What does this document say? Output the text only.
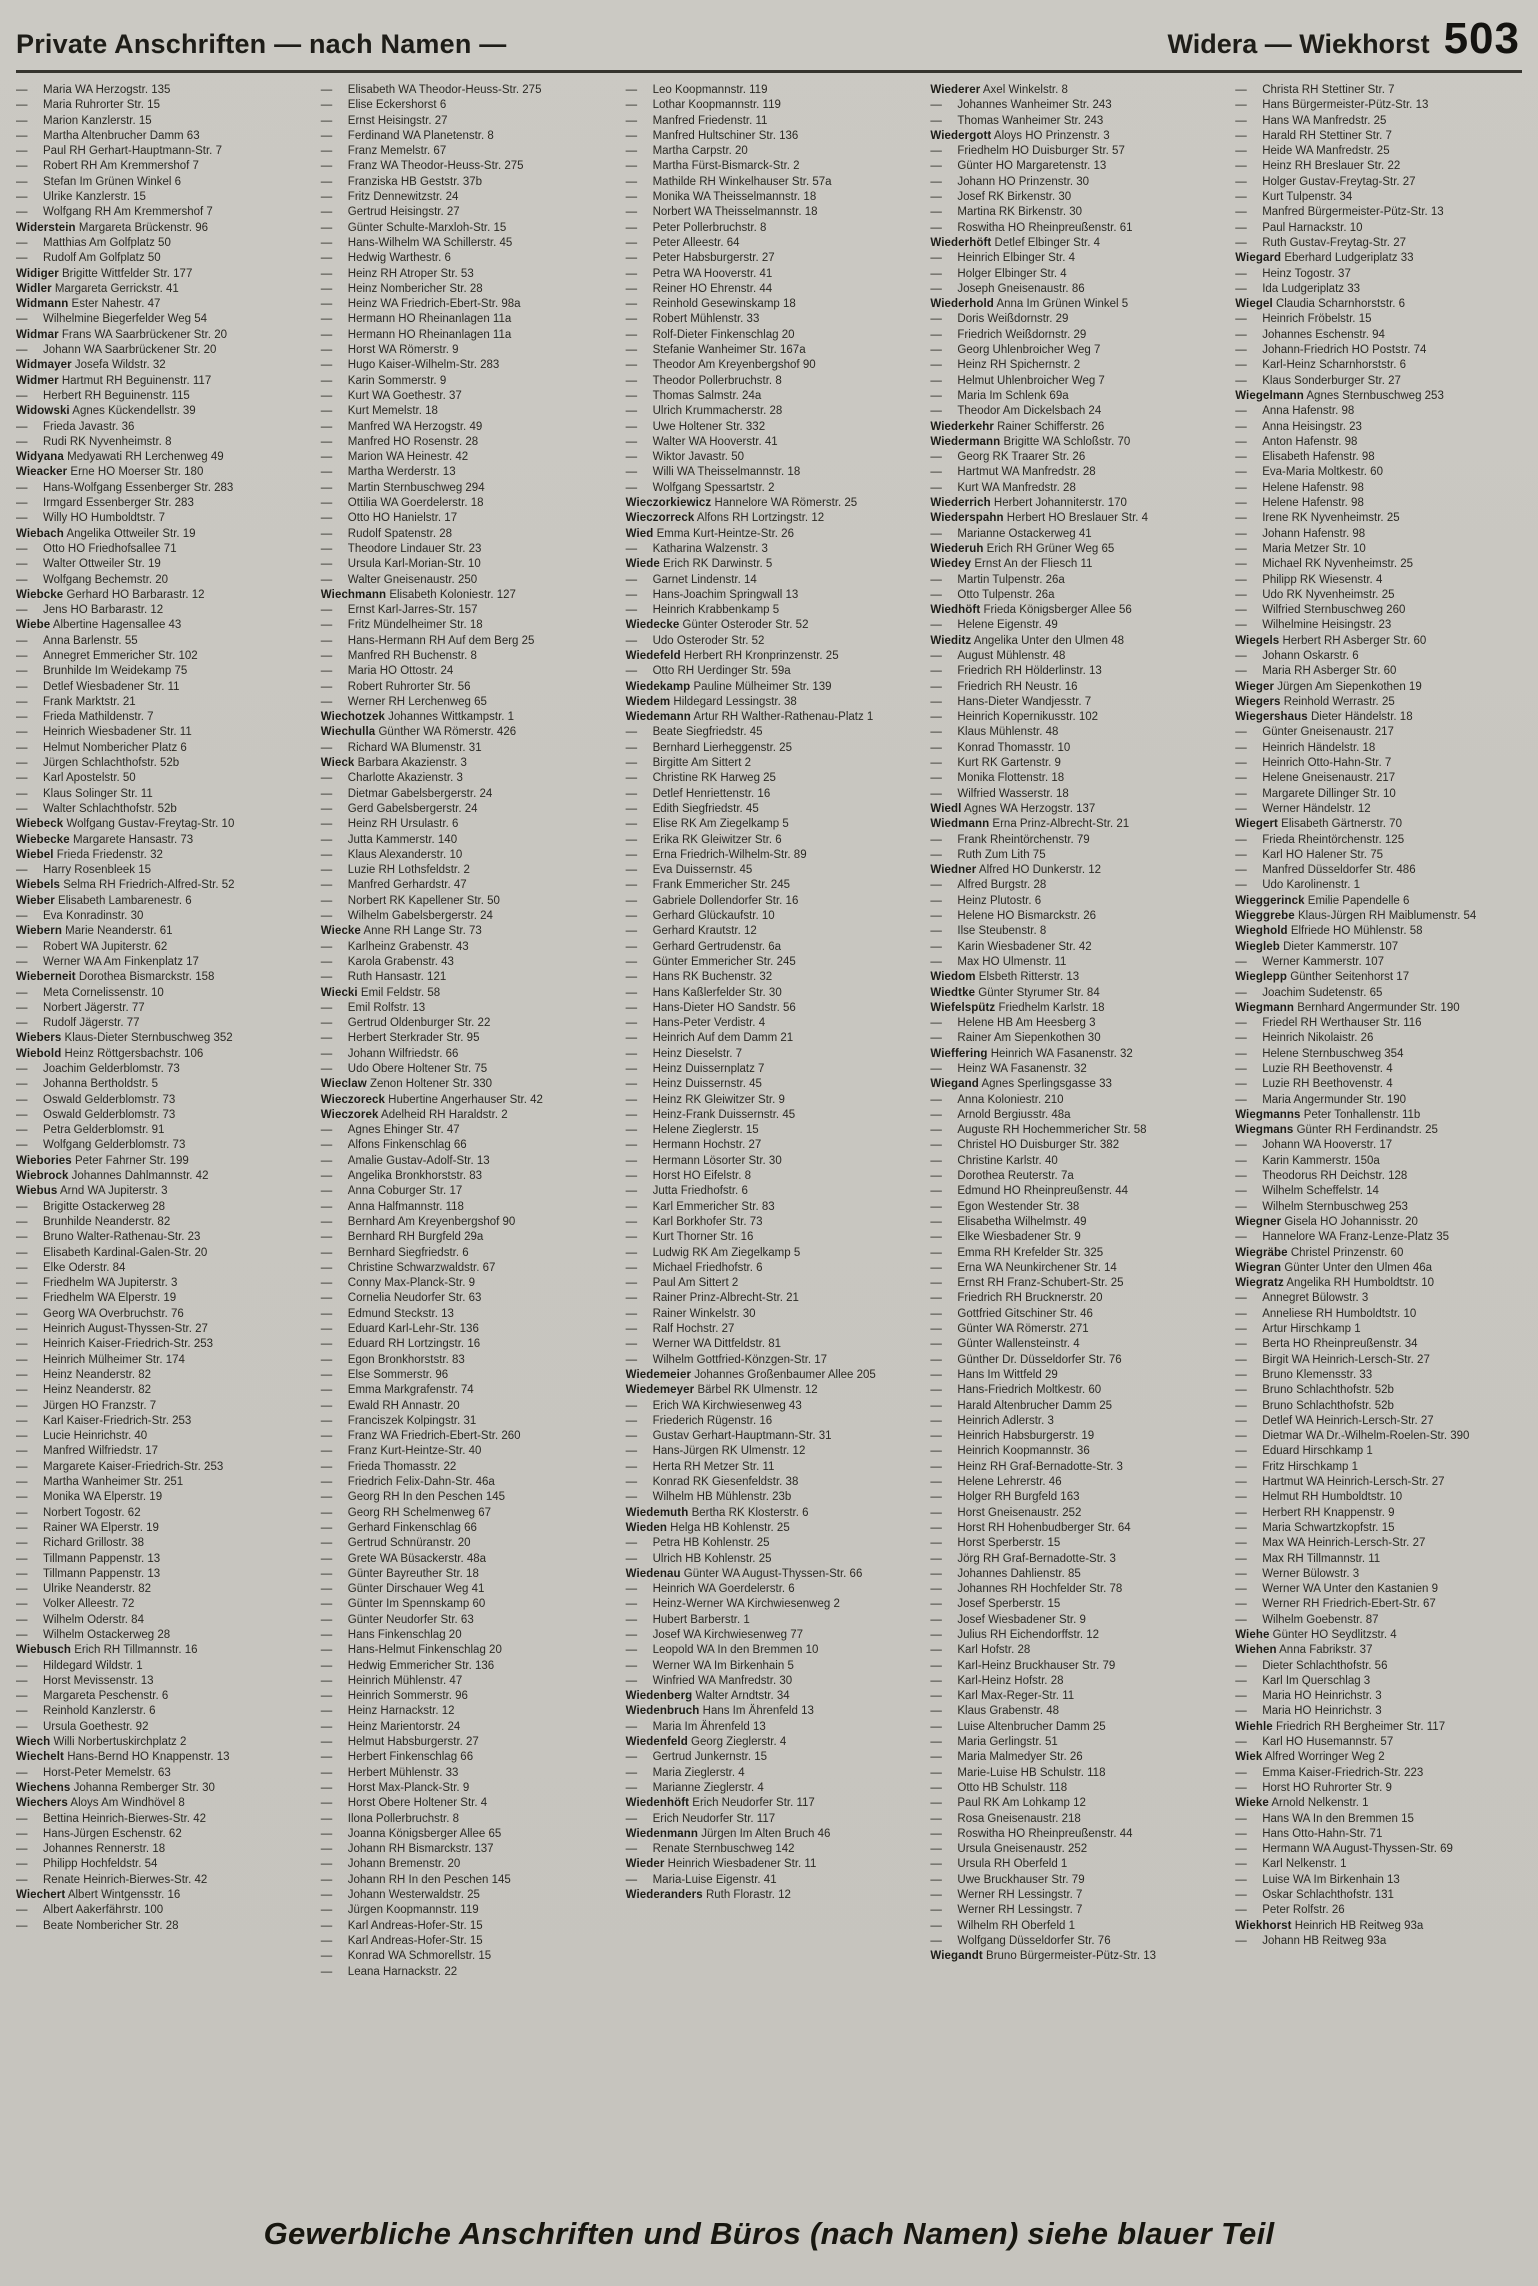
Private Anschriften — nach Namen —	Widera — Wiekhorst 503
— Maria WA Herzogstr. 135
— Maria Ruhrorter Str. 15
— Marion Kanzlerstr. 15
— Martha Altenbrucher Damm 63
— Paul RH Gerhart-Hauptmann-Str. 7
— Robert RH Am Kremmershof 7
— Stefan Im Grünen Winkel 6
— Ulrike Kanzlerstr. 15
— Wolfgang RH Am Kremmershof 7
Widerstein Margareta Brückenstr. 96
— Matthias Am Golfplatz 50
— Rudolf Am Golfplatz 50
Widiger Brigitte Wittfelder Str. 177
Widler Margareta Gerrickstr. 41
Widmann Ester Nahestr. 47
— Wilhelmine Biegerfelder Weg 54
Widmar Frans WA Saarbrückener Str. 20
— Johann WA Saarbrückener Str. 20
Widmayer Josefa Wildstr. 32
Widmer Hartmut RH Beguinenstr. 117
— Herbert RH Beguinenstr. 115
Widowski Agnes Kückendellstr. 39
— Frieda Javastr. 36
— Rudi RK Nyvenheimstr. 8
Widyana Medyawati RH Lerchenweg 49
Wieacker Erne HO Moerser Str. 180
— Hans-Wolfgang Essenberger Str. 283
— Irmgard Essenberger Str. 283
— Willy HO Humboldtstr. 7
Wiebach Angelika Ottweiler Str. 19
— Otto HO Friedhofsallee 71
— Walter Ottweiler Str. 19
— Wolfgang Bechemstr. 20
Wiebcke Gerhard HO Barbarastr. 12
— Jens HO Barbarastr. 12
Wiebe Albertine Hagensallee 43
— Anna Barlenstr. 55
— Annegret Emmericher Str. 102
— Brunhilde Im Weidekamp 75
— Detlef Wiesbadener Str. 11
— Frank Marktstr. 21
— Frieda Mathildenstr. 7
— Heinrich Wiesbadener Str. 11
— Helmut Nombericher Platz 6
— Jürgen Schlachthofstr. 52b
— Karl Apostelstr. 50
— Klaus Solinger Str. 11
— Walter Schlachthofstr. 52b
Wiebeck Wolfgang Gustav-Freytag-Str. 10
Wiebecke Margarete Hansastr. 73
Wiebel Frieda Friedenstr. 32
— Harry Rosenbleek 15
Wiebels Selma RH Friedrich-Alfred-Str. 52
Wieber Elisabeth Lambarenestr. 6
— Eva Konradinstr. 30
Wiebern Marie Neanderstr. 61
— Robert WA Jupiterstr. 62
— Werner WA Am Finkenplatz 17
Wieberneit Dorothea Bismarckstr. 158
— Meta Cornelissenstr. 10
— Norbert Jägerstr. 77
— Rudolf Jägerstr. 77
Wiebers Klaus-Dieter Sternbuschweg 352
Wiebold Heinz Röttgersbachstr. 106
— Joachim Gelderblomstr. 73
— Johanna Bertholdstr. 5
— Oswald Gelderblomstr. 73
— Oswald Gelderblomstr. 73
— Petra Gelderblomstr. 91
— Wolfgang Gelderblomstr. 73
Wiebories Peter Fahrner Str. 199
Wiebrock Johannes Dahlmannstr. 42
Wiebus Arnd WA Jupiterstr. 3
— Brigitte Ostackerweg 28
— Brunhilde Neanderstr. 82
— Bruno Walter-Rathenau-Str. 23
— Elisabeth Kardinal-Galen-Str. 20
— Elke Oderstr. 84
— Friedhelm WA Jupiterstr. 3
— Friedhelm WA Elperstr. 19
— Georg WA Overbruchstr. 76
— Heinrich August-Thyssen-Str. 27
— Heinrich Kaiser-Friedrich-Str. 253
— Heinrich Mülheimer Str. 174
— Heinz Neanderstr. 82
— Heinz Neanderstr. 82
— Jürgen HO Franzstr. 7
— Karl Kaiser-Friedrich-Str. 253
— Lucie Heinrichstr. 40
— Manfred Wilfriedstr. 17
— Margarete Kaiser-Friedrich-Str. 253
— Martha Wanheimer Str. 251
— Monika WA Elperstr. 19
— Norbert Togostr. 62
— Rainer WA Elperstr. 19
— Richard Grillostr. 38
— Tillmann Pappenstr. 13
— Tillmann Pappenstr. 13
— Ulrike Neanderstr. 82
— Volker Alleestr. 72
— Wilhelm Oderstr. 84
— Wilhelm Ostackerweg 28
Wiebusch Erich RH Tillmannstr. 16
— Hildegard Wildstr. 1
— Horst Mevissenstr. 13
— Margareta Peschenstr. 6
— Reinhold Kanzlerstr. 6
— Ursula Goethestr. 92
Wiech Willi Norbertuskirchplatz 2
Wiechelt Hans-Bernd HO Knappenstr. 13
— Horst-Peter Memelstr. 63
Wiechens Johanna Remberger Str. 30
Wiechers Aloys Am Windhövel 8
— Bettina Heinrich-Bierwes-Str. 42
— Hans-Jürgen Eschenstr. 62
— Johannes Rennerstr. 18
— Philipp Hochfeldstr. 54
— Renate Heinrich-Bierwes-Str. 42
Wiechert Albert Wintgensstr. 16
— Albert Aakerfährstr. 100
— Beate Nombericher Str. 28
— Elisabeth WA Theodor-Heuss-Str. 275
— Elise Eckershorst 6
— Ernst Heisingstr. 27
— Ferdinand WA Planetenstr. 8
— Franz Memelstr. 67
— Franz WA Theodor-Heuss-Str. 275
— Franziska HB Geststr. 37b
— Fritz Dennewitzstr. 24
— Gertrud Heisingstr. 27
— Günter Schulte-Marxloh-Str. 15
— Hans-Wilhelm WA Schillerstr. 45
— Hedwig Warthestr. 6
— Heinz RH Atroper Str. 53
— Heinz Nombericher Str. 28
— Heinz WA Friedrich-Ebert-Str. 98a
— Hermann HO Rheinanlagen 11a
— Hermann HO Rheinanlagen 11a
— Horst WA Römerstr. 9
— Hugo Kaiser-Wilhelm-Str. 283
— Karin Sommerstr. 9
— Kurt WA Goethestr. 37
— Kurt Memelstr. 18
— Manfred WA Herzogstr. 49
— Manfred HO Rosenstr. 28
— Marion WA Heinestr. 42
— Martha Werderstr. 13
— Martin Sternbuschweg 294
— Ottilia WA Goerdelerstr. 18
— Otto HO Hanielstr. 17
— Rudolf Spatenstr. 28
— Theodore Lindauer Str. 23
— Ursula Karl-Morian-Str. 10
— Walter Gneisenaustr. 250
Wiechmann Elisabeth Koloniestr. 127
— Ernst Karl-Jarres-Str. 157
— Fritz Mündelheimer Str. 18
— Hans-Hermann RH Auf dem Berg 25
— Manfred RH Buchenstr. 8
— Maria HO Ottostr. 24
— Robert Ruhrorter Str. 56
— Werner RH Lerchenweg 65
Wiechotzek Johannes Wittkampstr. 1
Wiechulla Günther WA Römerstr. 426
— Richard WA Blumenstr. 31
Wieck Barbara Akazienstr. 3
— Charlotte Akazienstr. 3
— Dietmar Gabelsbergerstr. 24
— Gerd Gabelsbergerstr. 24
— Heinz RH Ursulastr. 6
— Jutta Kammerstr. 140
— Klaus Alexanderstr. 10
— Luzie RH Lothsfeldstr. 2
— Manfred Gerhardstr. 47
— Norbert RK Kapellener Str. 50
— Wilhelm Gabelsbergerstr. 24
Wiecke Anne RH Lange Str. 73
— Karlheinz Grabenstr. 43
— Karola Grabenstr. 43
— Ruth Hansastr. 121
Wiecki Emil Feldstr. 58
— Emil Rolfstr. 13
— Gertrud Oldenburger Str. 22
— Herbert Sterkrader Str. 95
— Johann Wilfriedstr. 66
— Udo Obere Holtener Str. 75
Wieclaw Zenon Holtener Str. 330
Wieczoreck Hubertine Angerhauser Str. 42
Wieczorek Adelheid RH Haraldstr. 2
— Agnes Ehinger Str. 47
— Alfons Finkenschlag 66
— Amalie Gustav-Adolf-Str. 13
— Angelika Bronkhorststr. 83
— Anna Coburger Str. 17
— Anna Halfmannstr. 118
— Bernhard Am Kreyenbergshof 90
— Bernhard RH Burgfeld 29a
— Bernhard Siegfriedstr. 6
— Christine Schwarzwaldstr. 67
— Conny Max-Planck-Str. 9
— Cornelia Neudorfer Str. 63
— Edmund Steckstr. 13
— Eduard Karl-Lehr-Str. 136
— Eduard RH Lortzingstr. 16
— Egon Bronkhorststr. 83
— Else Sommerstr. 96
— Emma Markgrafenstr. 74
— Ewald RH Annastr. 20
— Franciszek Kolpingstr. 31
— Franz WA Friedrich-Ebert-Str. 260
— Franz Kurt-Heintze-Str. 40
— Frieda Thomasstr. 22
— Friedrich Felix-Dahn-Str. 46a
— Georg RH In den Peschen 145
— Georg RH Schelmenweg 67
— Gerhard Finkenschlag 66
— Gertrud Schnüranstr. 20
— Grete WA Büsackerstr. 48a
— Günter Bayreuther Str. 18
— Günter Dirschauer Weg 41
— Günter Im Spennskamp 60
— Günter Neudorfer Str. 63
— Hans Finkenschlag 20
— Hans-Helmut Finkenschlag 20
— Hedwig Emmericher Str. 136
— Heinrich Mühlenstr. 47
— Heinrich Sommerstr. 96
— Heinz Harnackstr. 12
— Heinz Marientorstr. 24
— Helmut Habsburgerstr. 27
— Herbert Finkenschlag 66
— Herbert Mühlenstr. 33
— Horst Max-Planck-Str. 9
— Horst Obere Holtener Str. 4
— Ilona Pollerbruchstr. 8
— Joanna Königsberger Allee 65
— Johann RH Bismarckstr. 137
— Johann Bremenstr. 20
— Johann RH In den Peschen 145
— Johann Westerwaldstr. 25
— Jürgen Koopmannstr. 119
— Karl Andreas-Hofer-Str. 15
— Karl Andreas-Hofer-Str. 15
— Konrad WA Schmorellstr. 15
— Leana Harnackstr. 22
— Leo Koopmannstr. 119
— Lothar Koopmannstr. 119
— Manfred Friedenstr. 11
— Manfred Hultschiner Str. 136
— Martha Carpstr. 20
— Martha Fürst-Bismarck-Str. 2
— Mathilde RH Winkelhauser Str. 57a
— Monika WA Theisselmannstr. 18
— Norbert WA Theisselmannstr. 18
— Peter Pollerbruchstr. 8
— Peter Alleestr. 64
— Peter Habsburgerstr. 27
— Petra WA Hooverstr. 41
— Reiner HO Ehrenstr. 44
— Reinhold Gesewinskamp 18
— Robert Mühlenstr. 33
— Rolf-Dieter Finkenschlag 20
— Stefanie Wanheimer Str. 167a
— Theodor Am Kreyenbergshof 90
— Theodor Pollerbruchstr. 8
— Thomas Salmstr. 24a
— Ulrich Krummacherstr. 28
— Uwe Holtener Str. 332
— Walter WA Hooverstr. 41
— Wiktor Javastr. 50
— Willi WA Theisselmannstr. 18
— Wolfgang Spessartstr. 2
Wieczorkiewicz Hannelore WA Römerstr. 25
Wieczorreck Alfons RH Lortzingstr. 12
Wied Emma Kurt-Heintze-Str. 26
— Katharina Walzenstr. 3
Wiede Erich RK Darwinstr. 5
— Garnet Lindenstr. 14
— Hans-Joachim Springwall 13
— Heinrich Krabbenkamp 5
Wiedecke Günter Osteroder Str. 52
— Udo Osteroder Str. 52
Wiedefeld Herbert RH Kronprinzenstr. 25
— Otto RH Uerdinger Str. 59a
Wiedekamp Pauline Mülheimer Str. 139
Wiedem Hildegard Lessingstr. 38
Wiedemann Artur RH Walther-Rathenau-Platz 1
— Beate Siegfriedstr. 45
— Bernhard Lierheggenstr. 25
— Birgitte Am Sittert 2
— Christine RK Harweg 25
— Detlef Henriettenstr. 16
— Edith Siegfriedstr. 45
— Elise RK Am Ziegelkamp 5
— Erika RK Gleiwitzer Str. 6
— Erna Friedrich-Wilhelm-Str. 89
— Eva Duissernstr. 45
— Frank Emmericher Str. 245
— Gabriele Dollendorfer Str. 16
— Gerhard Glückaufstr. 10
— Gerhard Krautstr. 12
— Gerhard Gertrudenstr. 6a
— Günter Emmericher Str. 245
— Hans RK Buchenstr. 32
— Hans Kaßlerfelder Str. 30
— Hans-Dieter HO Sandstr. 56
— Hans-Peter Verdistr. 4
— Heinrich Auf dem Damm 21
— Heinz Dieselstr. 7
— Heinz Duissernplatz 7
— Heinz Duissernstr. 45
— Heinz RK Gleiwitzer Str. 9
— Heinz-Frank Duissernstr. 45
— Helene Zieglerstr. 15
— Hermann Hochstr. 27
— Hermann Lösorter Str. 30
— Horst HO Eifelstr. 8
— Jutta Friedhofstr. 6
— Karl Emmericher Str. 83
— Karl Borkhofer Str. 73
— Kurt Thorner Str. 16
— Ludwig RK Am Ziegelkamp 5
— Michael Friedhofstr. 6
— Paul Am Sittert 2
— Rainer Prinz-Albrecht-Str. 21
— Rainer Winkelstr. 30
— Ralf Hochstr. 27
— Werner WA Dittfeldstr. 81
— Wilhelm Gottfried-Könzgen-Str. 17
Wiedemeier Johannes Großenbaumer Allee 205
Wiedemeyer Bärbel RK Ulmenstr. 12
— Erich WA Kirchwiesenweg 43
— Friederich Rügenstr. 16
— Gustav Gerhart-Hauptmann-Str. 31
— Hans-Jürgen RK Ulmenstr. 12
— Herta RH Metzer Str. 11
— Konrad RK Giesenfeldstr. 38
— Wilhelm HB Mühlenstr. 23b
Wiedemuth Bertha RK Klosterstr. 6
Wieden Helga HB Kohlenstr. 25
— Petra HB Kohlenstr. 25
— Ulrich HB Kohlenstr. 25
Wiedenau Günter WA August-Thyssen-Str. 66
— Heinrich WA Goerdelerstr. 6
— Heinz-Werner WA Kirchwiesenweg 2
— Hubert Barberstr. 1
— Josef WA Kirchwiesenweg 77
— Leopold WA In den Bremmen 10
— Werner WA Im Birkenhain 5
— Winfried WA Manfredstr. 30
Wiedenberg Walter Arndtstr. 34
Wiedenbruch Hans Im Ährenfeld 13
— Maria Im Ährenfeld 13
Wiedenfeld Georg Zieglerstr. 4
— Gertrud Junkernstr. 15
— Maria Zieglerstr. 4
— Marianne Zieglerstr. 4
Wiedenhöft Erich Neudorfer Str. 117
— Erich Neudorfer Str. 117
Wiedenmann Jürgen Im Alten Bruch 46
— Renate Sternbuschweg 142
Wieder Heinrich Wiesbadener Str. 11
— Maria-Luise Eigenstr. 41
Wiederanders Ruth Florastr. 12
Wiederer Axel Winkelstr. 8
— Johannes Wanheimer Str. 243
— Thomas Wanheimer Str. 243
Wiedergott Aloys HO Prinzenstr. 3
— Friedhelm HO Duisburger Str. 57
— Günter HO Margaretenstr. 13
— Johann HO Prinzenstr. 30
— Josef RK Birkenstr. 30
— Martina RK Birkenstr. 30
— Roswitha HO Rheinpreußenstr. 61
Wiederhöft Detlef Elbinger Str. 4
— Heinrich Elbinger Str. 4
— Holger Elbinger Str. 4
— Joseph Gneisenaustr. 86
Wiederhold Anna Im Grünen Winkel 5
— Doris Weißdornstr. 29
— Friedrich Weißdornstr. 29
— Georg Uhlenbroicher Weg 7
— Heinz RH Spichernstr. 2
— Helmut Uhlenbroicher Weg 7
— Maria Im Schlenk 69a
— Theodor Am Dickelsbach 24
Wiederkehr Rainer Schifferstr. 26
Wiedermann Brigitte WA Schloßstr. 70
— Georg RK Traarer Str. 26
— Hartmut WA Manfredstr. 28
— Kurt WA Manfredstr. 28
Wiederrich Herbert Johanniterstr. 170
Wiederspahn Herbert HO Breslauer Str. 4
— Marianne Ostackerweg 41
Wiederuh Erich RH Grüner Weg 65
Wiedey Ernst An der Fliesch 11
— Martin Tulpenstr. 26a
— Otto Tulpenstr. 26a
Wiedhöft Frieda Königsberger Allee 56
— Helene Eigenstr. 49
Wieditz Angelika Unter den Ulmen 48
— August Mühlenstr. 48
— Friedrich RH Hölderlinstr. 13
— Friedrich RH Neustr. 16
— Hans-Dieter Wandjesstr. 7
— Heinrich Kopernikusstr. 102
— Klaus Mühlenstr. 48
— Konrad Thomasstr. 10
— Kurt RK Gartenstr. 9
— Monika Flottenstr. 18
— Wilfried Wasserstr. 18
Wiedl Agnes WA Herzogstr. 137
Wiedmann Erna Prinz-Albrecht-Str. 21
— Frank Rheintörchenstr. 79
— Ruth Zum Lith 75
Wiedner Alfred HO Dunkerstr. 12
— Alfred Burgstr. 28
— Heinz Plutostr. 6
— Helene HO Bismarckstr. 26
— Ilse Steubenstr. 8
— Karin Wiesbadener Str. 42
— Max HO Ulmenstr. 11
Wiedom Elsbeth Ritterstr. 13
Wiedtke Günter Styrumer Str. 84
Wiefelspütz Friedhelm Karlstr. 18
— Helene HB Am Heesberg 3
— Rainer Am Siepenkothen 30
Wieffering Heinrich WA Fasanenstr. 32
— Heinz WA Fasanenstr. 32
Wiegand Agnes Sperlingsgasse 33
— Anna Koloniestr. 210
— Arnold Bergiusstr. 48a
— Auguste RH Hochemmericher Str. 58
— Christel HO Duisburger Str. 382
— Christine Karlstr. 40
— Dorothea Reuterstr. 7a
— Edmund HO Rheinpreußenstr. 44
— Egon Westender Str. 38
— Elisabetha Wilhelmstr. 49
— Elke Wiesbadener Str. 9
— Emma RH Krefelder Str. 325
— Erna WA Neunkirchener Str. 14
— Ernst RH Franz-Schubert-Str. 25
— Friedrich RH Brucknerstr. 20
— Gottfried Gitschiner Str. 46
— Günter WA Römerstr. 271
— Günter Wallensteinstr. 4
— Günther Dr. Düsseldorfer Str. 76
— Hans Im Wittfeld 29
— Hans-Friedrich Moltkestr. 60
— Harald Altenbrucher Damm 25
— Heinrich Adlerstr. 3
— Heinrich Habsburgerstr. 19
— Heinrich Koopmannstr. 36
— Heinz RH Graf-Bernadotte-Str. 3
— Helene Lehrerstr. 46
— Holger RH Burgfeld 163
— Horst Gneisenaustr. 252
— Horst RH Hohenbudberger Str. 64
— Horst Sperberstr. 15
— Jörg RH Graf-Bernadotte-Str. 3
— Johannes Dahlienstr. 85
— Johannes RH Hochfelder Str. 78
— Josef Sperberstr. 15
— Josef Wiesbadener Str. 9
— Julius RH Eichendorffstr. 12
— Karl Hofstr. 28
— Karl-Heinz Bruckhauser Str. 79
— Karl-Heinz Hofstr. 28
— Karl Max-Reger-Str. 11
— Klaus Grabenstr. 48
— Luise Altenbrucher Damm 25
— Maria Gerlingstr. 51
— Maria Malmedyer Str. 26
— Marie-Luise HB Schulstr. 118
— Otto HB Schulstr. 118
— Paul RK Am Lohkamp 12
— Rosa Gneisenaustr. 218
— Roswitha HO Rheinpreußenstr. 44
— Ursula Gneisenaustr. 252
— Ursula RH Oberfeld 1
— Uwe Bruckhauser Str. 79
— Werner RH Lessingstr. 7
— Werner RH Lessingstr. 7
— Wilhelm RH Oberfeld 1
— Wolfgang Düsseldorfer Str. 76
Wiegandt Bruno Bürgermeister-Pütz-Str. 13
— Christa RH Stettiner Str. 7
— Hans Bürgermeister-Pütz-Str. 13
— Hans WA Manfredstr. 25
— Harald RH Stettiner Str. 7
— Heide WA Manfredstr. 25
— Heinz RH Breslauer Str. 22
— Holger Gustav-Freytag-Str. 27
— Kurt Tulpenstr. 34
— Manfred Bürgermeister-Pütz-Str. 13
— Paul Harnackstr. 10
— Ruth Gustav-Freytag-Str. 27
Wiegard Eberhard Ludgeriplatz 33
— Heinz Togostr. 37
— Ida Ludgeriplatz 33
Wiegel Claudia Scharnhorststr. 6
— Heinrich Fröbelstr. 15
— Johannes Eschenstr. 94
— Johann-Friedrich HO Poststr. 74
— Karl-Heinz Scharnhorststr. 6
— Klaus Sonderburger Str. 27
Wiegelmann Agnes Sternbuschweg 253
— Anna Hafenstr. 98
— Anna Heisingstr. 23
— Anton Hafenstr. 98
— Elisabeth Hafenstr. 98
— Eva-Maria Moltkestr. 60
— Helene Hafenstr. 98
— Helene Hafenstr. 98
— Irene RK Nyvenheimstr. 25
— Johann Hafenstr. 98
— Maria Metzer Str. 10
— Michael RK Nyvenheimstr. 25
— Philipp RK Wiesenstr. 4
— Udo RK Nyvenheimstr. 25
— Wilfried Sternbuschweg 260
— Wilhelmine Heisingstr. 23
Wiegels Herbert RH Asberger Str. 60
— Johann Oskarstr. 6
— Maria RH Asberger Str. 60
Wieger Jürgen Am Siepenkothen 19
Wiegers Reinhold Werrastr. 25
Wiegershaus Dieter Händelstr. 18
— Günter Gneisenaustr. 217
— Heinrich Händelstr. 18
— Heinrich Otto-Hahn-Str. 7
— Helene Gneisenaustr. 217
— Margarete Dillinger Str. 10
— Werner Händelstr. 12
Wiegert Elisabeth Gärtnerstr. 70
— Frieda Rheintörchenstr. 125
— Karl HO Halener Str. 75
— Manfred Düsseldorfer Str. 486
— Udo Karolinenstr. 1
Wieggerinck Emilie Papendelle 6
Wieggrebe Klaus-Jürgen RH Maiblumenstr. 54
Wieghold Elfriede HO Mühlenstr. 58
Wiegleb Dieter Kammerstr. 107
— Werner Kammerstr. 107
Wieglepp Günther Seitenhorst 17
— Joachim Sudetenstr. 65
Wiegmann Bernhard Angermunder Str. 190
— Friedel RH Werthauser Str. 116
— Heinrich Nikolaistr. 26
— Helene Sternbuschweg 354
— Luzie RH Beethovenstr. 4
— Luzie RH Beethovenstr. 4
— Maria Angermunder Str. 190
Wiegmanns Peter Tonhallenstr. 11b
Wiegmans Günter RH Ferdinandstr. 25
— Johann WA Hooverstr. 17
— Karin Kammerstr. 150a
— Theodorus RH Deichstr. 128
— Wilhelm Scheffelstr. 14
— Wilhelm Sternbuschweg 253
Wiegner Gisela HO Johannisstr. 20
— Hannelore WA Franz-Lenze-Platz 35
Wiegräbe Christel Prinzenstr. 60
Wiegran Günter Unter den Ulmen 46a
Wiegratz Angelika RH Humboldtstr. 10
— Annegret Bülowstr. 3
— Anneliese RH Humboldtstr. 10
— Artur Hirschkamp 1
— Berta HO Rheinpreußenstr. 34
— Birgit WA Heinrich-Lersch-Str. 27
— Bruno Klemensstr. 33
— Bruno Schlachthofstr. 52b
— Bruno Schlachthofstr. 52b
— Detlef WA Heinrich-Lersch-Str. 27
— Dietmar WA Dr.-Wilhelm-Roelen-Str. 390
— Eduard Hirschkamp 1
— Fritz Hirschkamp 1
— Hartmut WA Heinrich-Lersch-Str. 27
— Helmut RH Humboldtstr. 10
— Herbert RH Knappenstr. 9
— Maria Schwartzkopfstr. 15
— Max WA Heinrich-Lersch-Str. 27
— Max RH Tillmannstr. 11
— Werner Bülowstr. 3
— Werner WA Unter den Kastanien 9
— Werner RH Friedrich-Ebert-Str. 67
— Wilhelm Goebenstr. 87
Wiehe Günter HO Seydlitzstr. 4
Wiehen Anna Fabrikstr. 37
— Dieter Schlachthofstr. 56
— Karl Im Querschlag 3
— Maria HO Heinrichstr. 3
— Maria HO Heinrichstr. 3
Wiehle Friedrich RH Bergheimer Str. 117
— Karl HO Husemannstr. 57
Wiek Alfred Worringer Weg 2
— Emma Kaiser-Friedrich-Str. 223
— Horst HO Ruhrorter Str. 9
Wieke Arnold Nelkenstr. 1
— Hans WA In den Bremmen 15
— Hans Otto-Hahn-Str. 71
— Hermann WA August-Thyssen-Str. 69
— Karl Nelkenstr. 1
— Luise WA Im Birkenhain 13
— Oskar Schlachthofstr. 131
— Peter Rolfstr. 26
Wiekhorst Heinrich HB Reitweg 93a
— Johann HB Reitweg 93a
Gewerbliche Anschriften und Büros (nach Namen) siehe blauer Teil
